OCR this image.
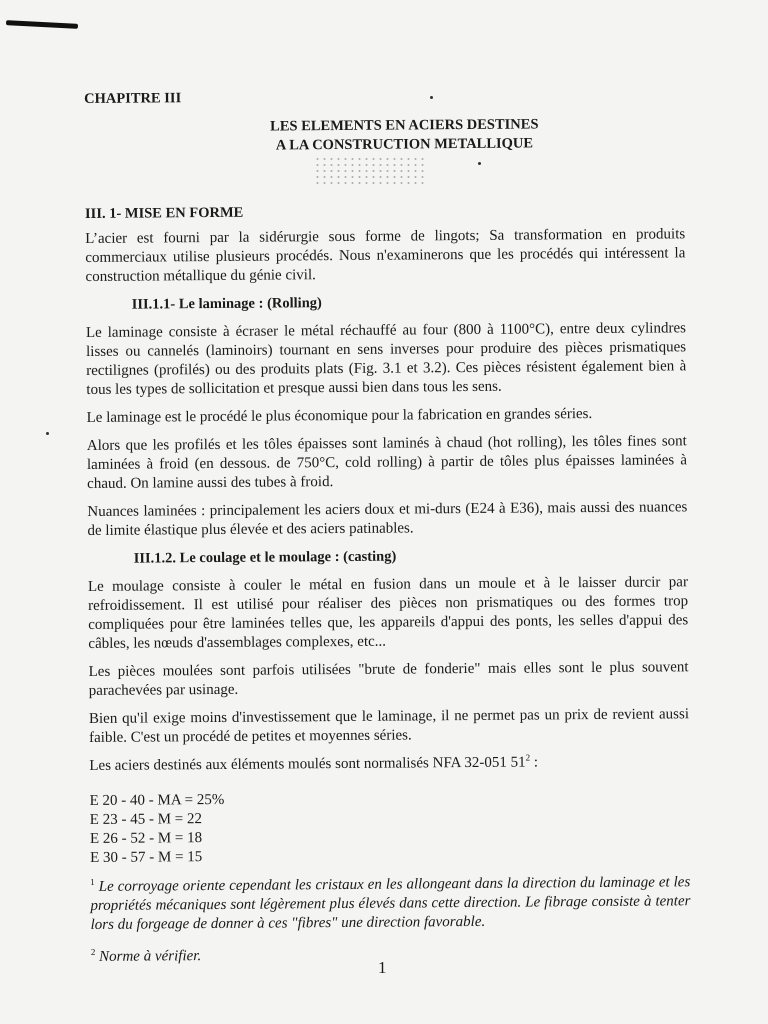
CHAPITRE III
LES ELEMENTS EN ACIERS DESTINES
A LA CONSTRUCTION METALLIQUE
III. 1- MISE EN FORME

L’acier est fourni par la sidérurgie sous forme de lingots; Sa transformation en produits commerciaux utilise plusieurs procédés. Nous n'examinerons que les procédés qui intéressent la construction métallique du génie civil.

III.1.1- Le laminage : (Rolling)

Le laminage consiste à écraser le métal réchauffé au four (800 à 1100°C), entre deux cylindres lisses ou cannelés (laminoirs) tournant en sens inverses pour produire des pièces prismatiques rectilignes (profilés) ou des produits plats (Fig. 3.1 et 3.2). Ces pièces résistent également bien à tous les types de sollicitation et presque aussi bien dans tous les sens.

Le laminage est le procédé le plus économique pour la fabrication en grandes séries.

Alors que les profilés et les tôles épaisses sont laminés à chaud (hot rolling), les tôles fines sont laminées à froid (en dessous. de 750°C, cold rolling) à partir de tôles plus épaisses laminées à chaud. On lamine aussi des tubes à froid.

Nuances laminées : principalement les aciers doux et mi-durs (E24 à E36), mais aussi des nuances de limite élastique plus élevée et des aciers patinables.

III.1.2. Le coulage et le moulage : (casting)

Le moulage consiste à couler le métal en fusion dans un moule et à le laisser durcir par refroidissement. Il est utilisé pour réaliser des pièces non prismatiques ou des formes trop compliquées pour être laminées telles que, les appareils d'appui des ponts, les selles d'appui des câbles, les nœuds d'assemblages complexes, etc...

Les pièces moulées sont parfois utilisées "brute de fonderie" mais elles sont le plus souvent parachevées par usinage.

Bien qu'il exige moins d'investissement que le laminage, il ne permet pas un prix de revient aussi faible. C'est un procédé de petites et moyennes séries.

Les aciers destinés aux éléments moulés sont normalisés NFA 32-051 $51^2$ :

E 20 - 40 - MA = 25%
E 23 - 45 - M = 22
E 26 - 52 - M = 18
E 30 - 57 - M = 15
$^1$ Le corroyage oriente cependant les cristaux en les allongeant dans la direction du laminage et les propriétés mécaniques sont légèrement plus élevés dans cette direction. Le fibrage consiste à tenter lors du forgeage de donner à ces "fibres" une direction favorable.
$^2$ Norme à vérifier.
1
